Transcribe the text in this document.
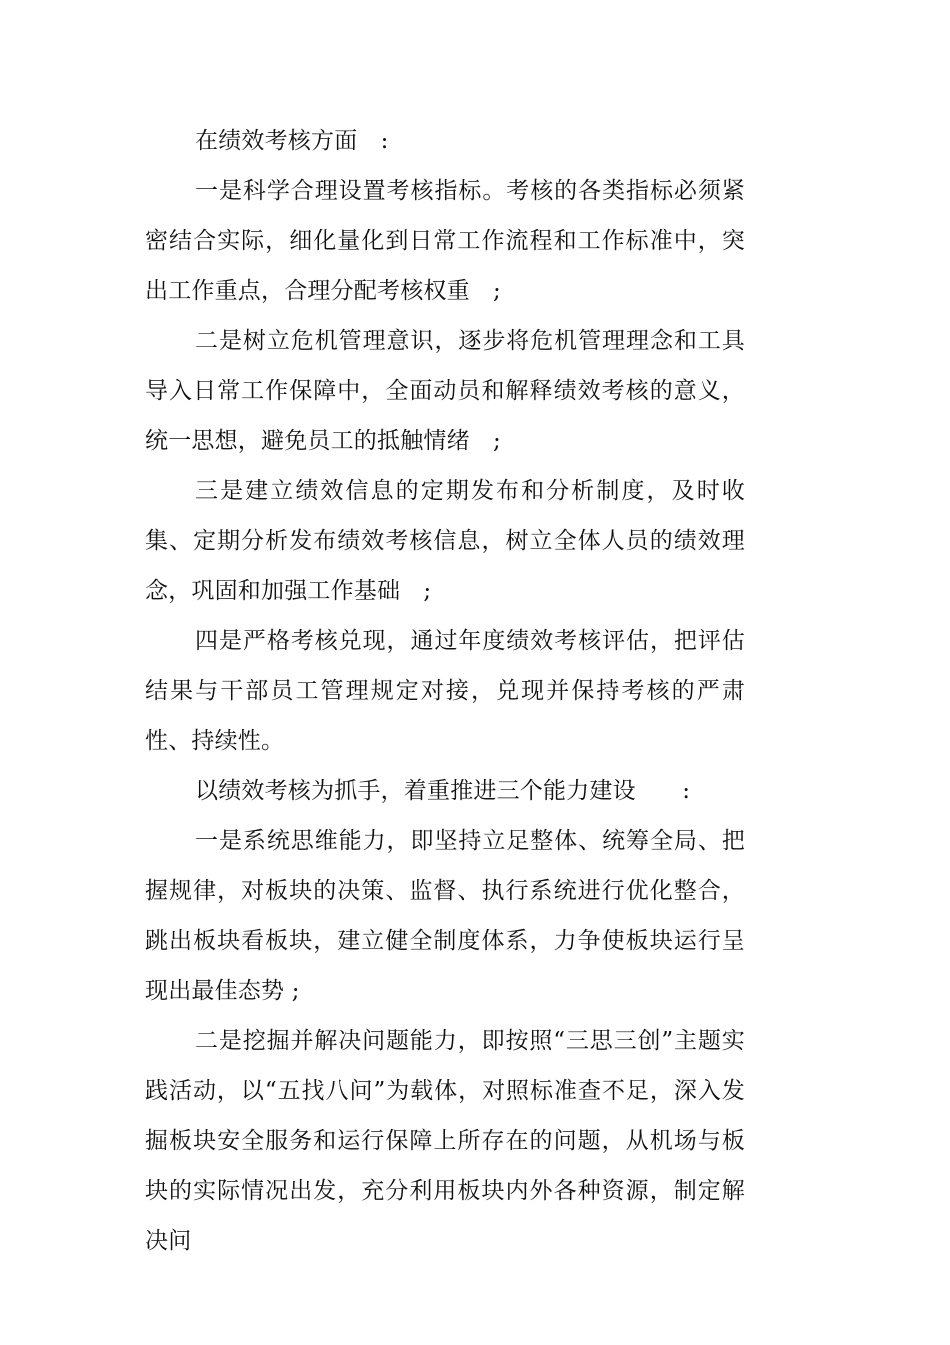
在绩效考核方面　:

一是科学合理设置考核指标。考核的各类指标必须紧密结合实际，细化量化到日常工作流程和工作标准中，突出工作重点，合理分配考核权重　;

二是树立危机管理意识，逐步将危机管理理念和工具导入日常工作保障中，全面动员和解释绩效考核的意义，统一思想，避免员工的抵触情绪　;

三是建立绩效信息的定期发布和分析制度，及时收集、定期分析发布绩效考核信息，树立全体人员的绩效理念，巩固和加强工作基础　;

四是严格考核兑现，通过年度绩效考核评估，把评估结果与干部员工管理规定对接，兑现并保持考核的严肃性、持续性。

以绩效考核为抓手，着重推进三个能力建设　　:

一是系统思维能力，即坚持立足整体、统筹全局、把握规律，对板块的决策、监督、执行系统进行优化整合，跳出板块看板块，建立健全制度体系，力争使板块运行呈现出最佳态势 ;

二是挖掘并解决问题能力，即按照“三思三创”主题实践活动，以“五找八问”为载体，对照标准查不足，深入发掘板块安全服务和运行保障上所存在的问题，从机场与板块的实际情况出发，充分利用板块内外各种资源，制定解决问
